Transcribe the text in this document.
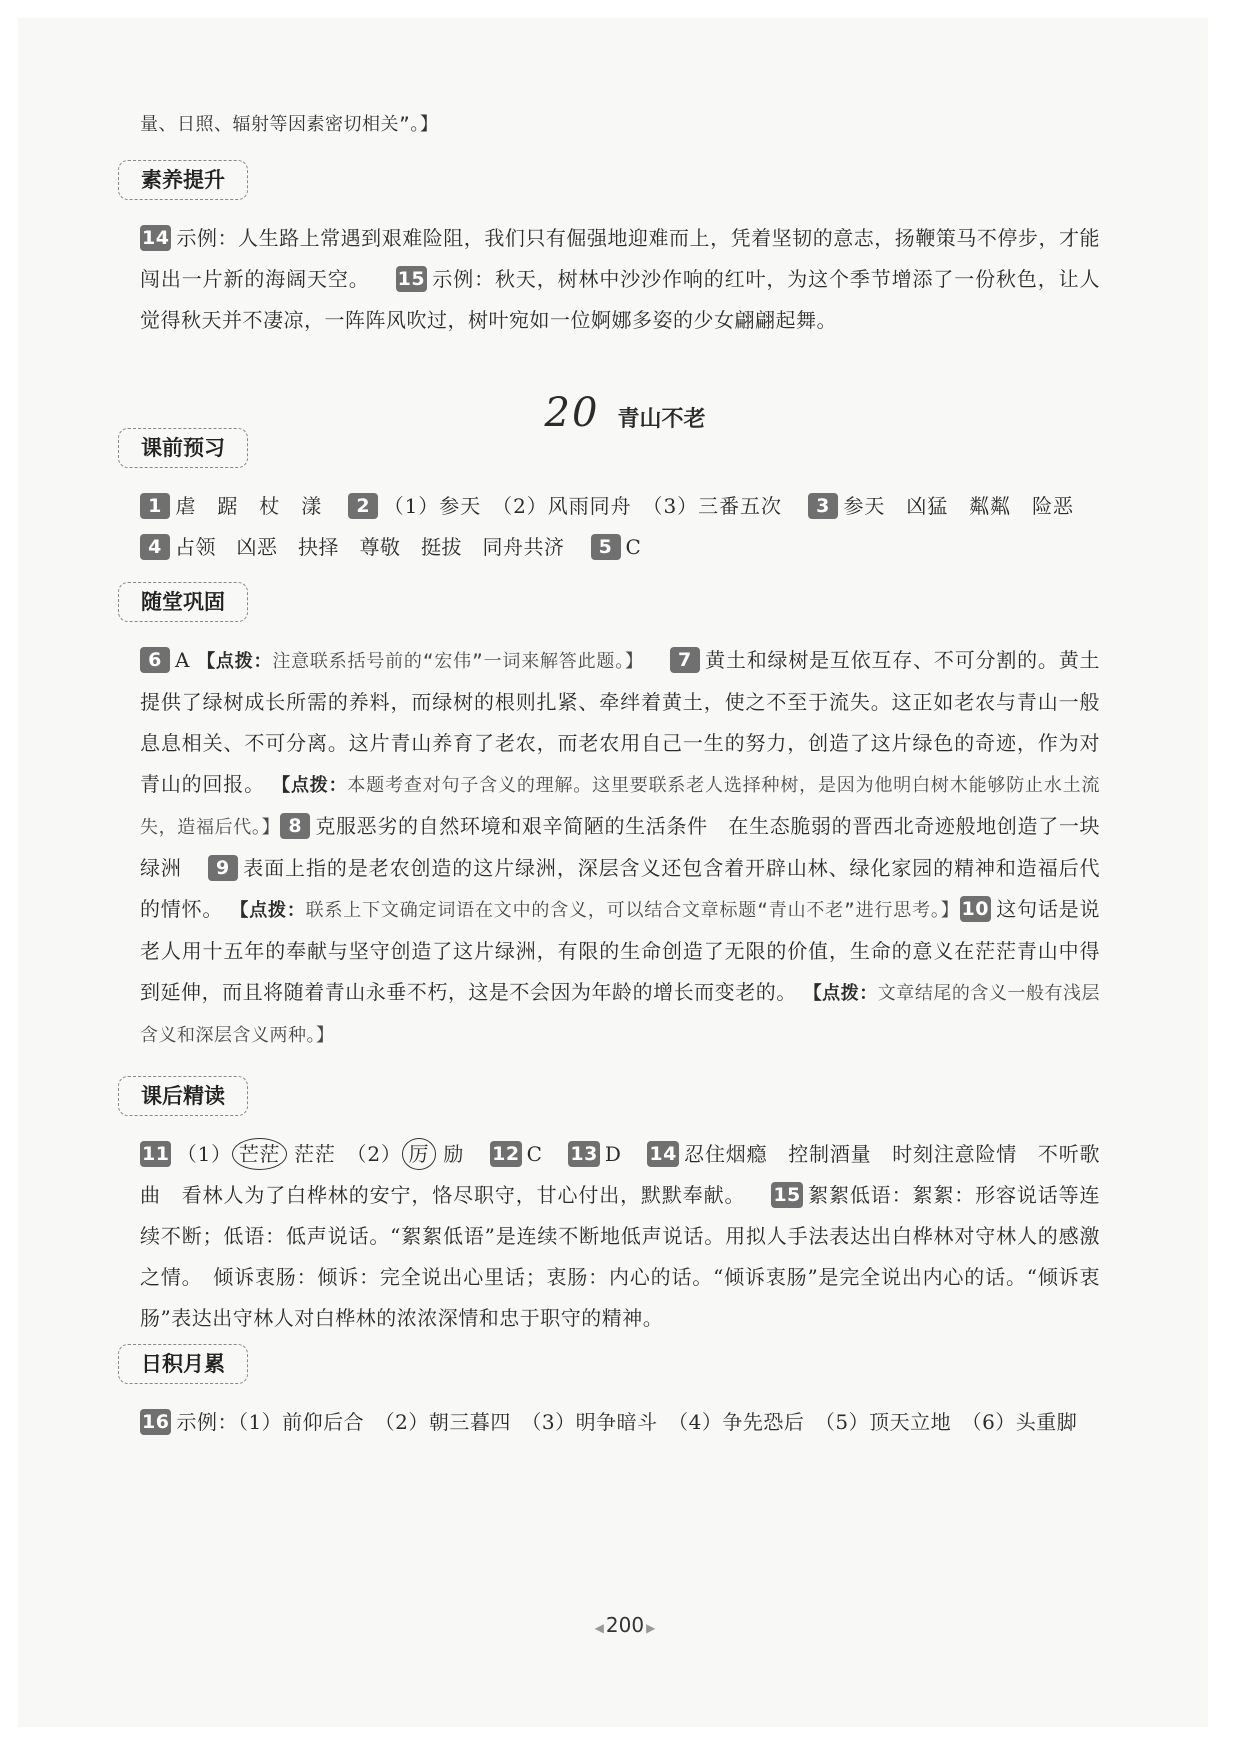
量、日照、辐射等因素密切相关”。】

素养提升

14 示例：人生路上常遇到艰难险阻，我们只有倔强地迎难而上，凭着坚韧的意志，扬鞭策马不停步，才能闯出一片新的海阔天空。 15 示例：秋天，树林中沙沙作响的红叶，为这个季节增添了一份秋色，让人觉得秋天并不凄凉，一阵阵风吹过，树叶宛如一位婀娜多姿的少女翩翩起舞。

20 青山不老
课前预习

1 虐　踞　杖　漾 2 （1）参天　（2）风雨同舟　（3）三番五次 3 参天　凶猛　粼粼　险恶4 占领　凶恶　抉择　尊敬　挺拔　同舟共济 5 C

随堂巩固

6 A 【点拨：注意联系括号前的“宏伟”一词来解答此题。】 7 黄土和绿树是互依互存、不可分割的。黄土提供了绿树成长所需的养料，而绿树的根则扎紧、牵绊着黄土，使之不至于流失。这正如老农与青山一般息息相关、不可分离。这片青山养育了老农，而老农用自己一生的努力，创造了这片绿色的奇迹，作为对青山的回报。 【点拨：本题考查对句子含义的理解。这里要联系老人选择种树，是因为他明白树木能够防止水土流失，造福后代。】 8 克服恶劣的自然环境和艰辛简陋的生活条件　在生态脆弱的晋西北奇迹般地创造了一块绿洲 9 表面上指的是老农创造的这片绿洲，深层含义还包含着开辟山林、绿化家园的精神和造福后代的情怀。 【点拨：联系上下文确定词语在文中的含义，可以结合文章标题“青山不老”进行思考。】 10 这句话是说老人用十五年的奉献与坚守创造了这片绿洲，有限的生命创造了无限的价值，生命的意义在茫茫青山中得到延伸，而且将随着青山永垂不朽，这是不会因为年龄的增长而变老的。 【点拨：文章结尾的含义一般有浅层含义和深层含义两种。】

课后精读

11 （1） 芒茫 茫茫　（2） 厉 励 12 C 13 D 14 忍住烟瘾　控制酒量　时刻注意险情　不听歌曲　看林人为了白桦林的安宁，恪尽职守，甘心付出，默默奉献。 15 絮絮低语：絮絮：形容说话等连续不断；低语：低声说话。“絮絮低语”是连续不断地低声说话。用拟人手法表达出白桦林对守林人的感激之情。　倾诉衷肠：倾诉：完全说出心里话；衷肠：内心的话。“倾诉衷肠”是完全说出内心的话。“倾诉衷肠”表达出守林人对白桦林的浓浓深情和忠于职守的精神。

日积月累

16 示例：（1）前仰后合　（2）朝三暮四　（3）明争暗斗　（4）争先恐后　（5）顶天立地　（6）头重脚

◀ 200 ▶
